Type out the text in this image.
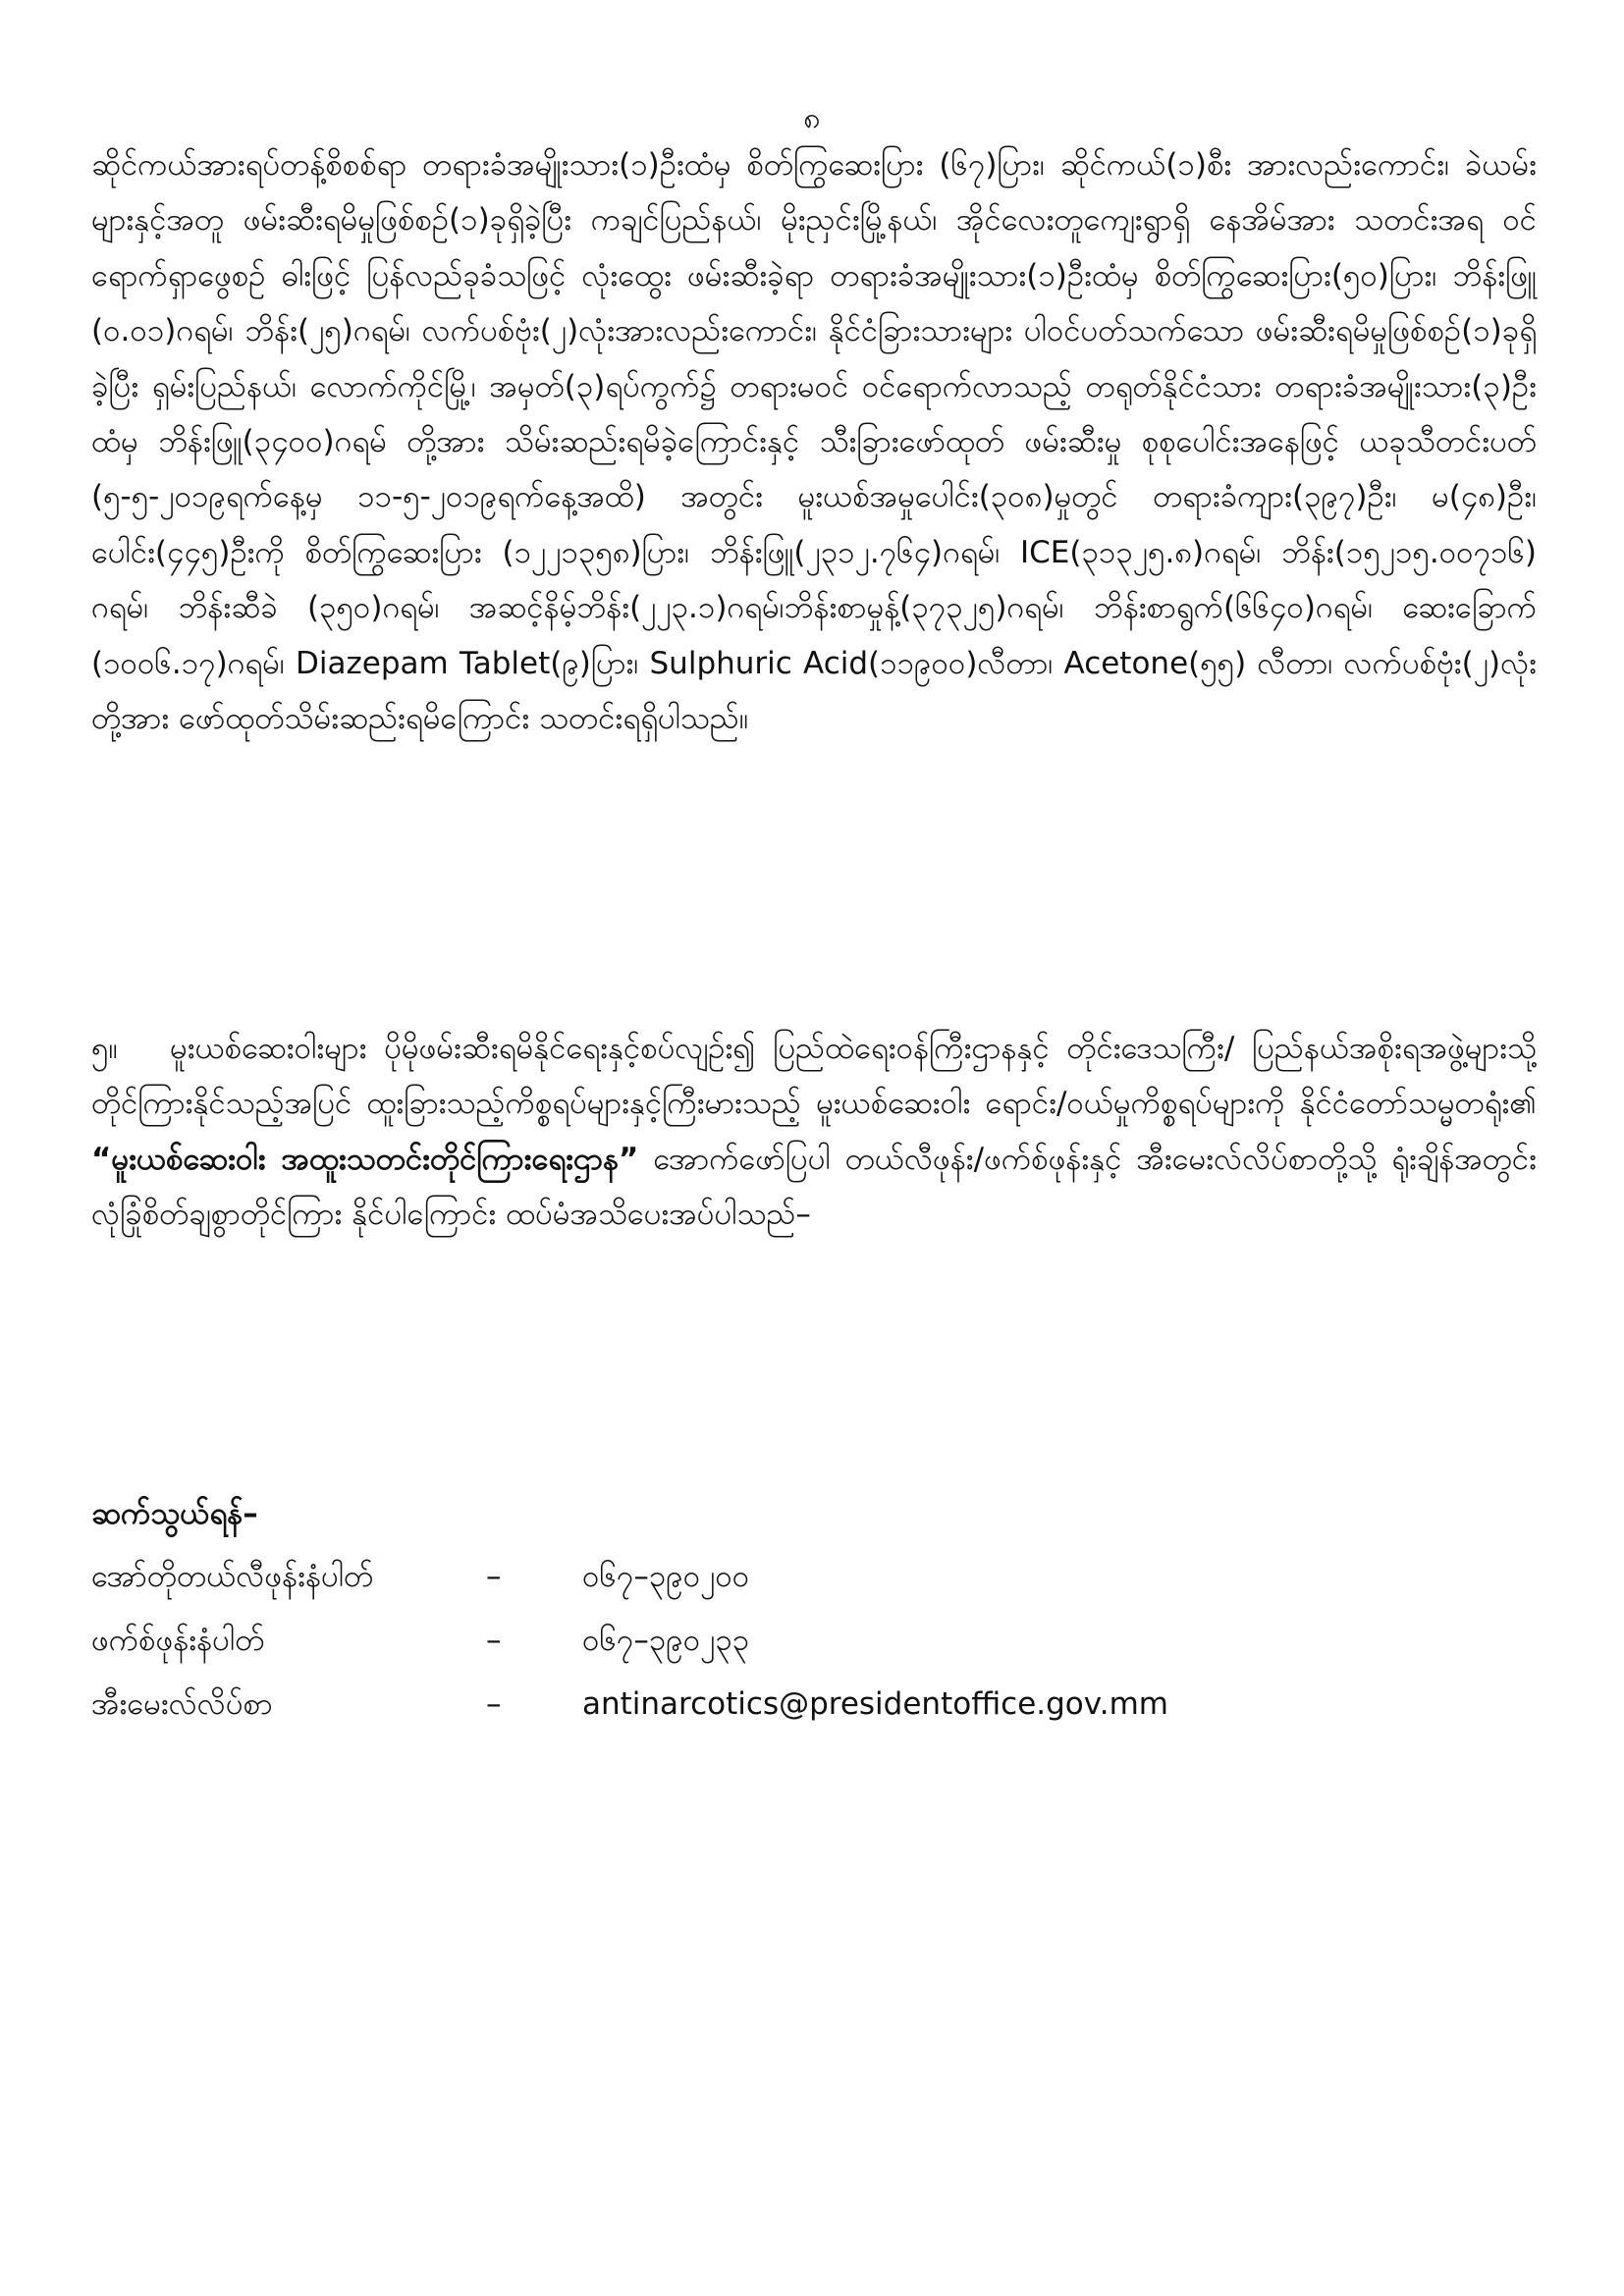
၈
ဆိုင်ကယ်အားရပ်တန့်စိစစ်ရာ တရားခံအမျိုးသား(၁)ဦးထံမှ စိတ်ကြွဆေးပြား (၆၇)ပြား၊ ဆိုင်ကယ်(၁)စီး အားလည်းကောင်း၊ ခဲယမ်းများနှင့်အတူ ဖမ်းဆီးရမိမှုဖြစ်စဉ်(၁)ခုရှိခဲ့ပြီး ကချင်ပြည်နယ်၊ မိုးညှင်းမြို့နယ်၊ အိုင်လေးတူကျေးရွာရှိ နေအိမ်အား သတင်းအရ ဝင်ရောက်ရှာဖွေစဉ် ဓါးဖြင့် ပြန်လည်ခုခံသဖြင့် လုံးထွေး ဖမ်းဆီးခဲ့ရာ တရားခံအမျိုးသား(၁)ဦးထံမှ စိတ်ကြွဆေးပြား(၅၀)ပြား၊ ဘိန်းဖြူ (၀.၀၁)ဂရမ်၊ ဘိန်း(၂၅)ဂရမ်၊ လက်ပစ်ဗုံး(၂)လုံးအားလည်းကောင်း၊ နိုင်ငံခြားသားများ ပါဝင်ပတ်သက်သော ဖမ်းဆီးရမိမှုဖြစ်စဉ်(၁)ခုရှိခဲ့ပြီး ရှမ်းပြည်နယ်၊ လောက်ကိုင်မြို့၊ အမှတ်(၃)ရပ်ကွက်၌ တရားမဝင် ဝင်ရောက်လာသည့် တရုတ်နိုင်ငံသား တရားခံအမျိုးသား(၃)ဦးထံမှ ဘိန်းဖြူ(၃၄၀၀)ဂရမ် တို့အား သိမ်းဆည်းရမိခဲ့ကြောင်းနှင့် သီးခြားဖော်ထုတ် ဖမ်းဆီးမှု စုစုပေါင်းအနေဖြင့် ယခုသီတင်းပတ် (၅-၅-၂၀၁၉ရက်နေ့မှ ၁၁-၅-၂၀၁၉ရက်နေ့အထိ) အတွင်း မူးယစ်အမှုပေါင်း(၃၀၈)မှုတွင် တရားခံကျား(၃၉၇)ဦး၊ မ(၄၈)ဦး၊ ပေါင်း(၄၄၅)ဦးကို စိတ်ကြွဆေးပြား (၁၂၂၁၃၅၈)ပြား၊ ဘိန်းဖြူ(၂၃၁၂.၇၆၄)ဂရမ်၊ ICE(၃၁၃၂၅.၈)ဂရမ်၊ ဘိန်း(၁၅၂၁၅.၀၀၇၁၆) ဂရမ်၊ ဘိန်းဆီခဲ (၃၅၀)ဂရမ်၊ အဆင့်နိမ့်ဘိန်း(၂၂၃.၁)ဂရမ်၊ဘိန်းစာမှုန့်(၃၇၃၂၅)ဂရမ်၊ ဘိန်းစာရွက်(၆၆၄၀)ဂရမ်၊ ဆေးခြောက် (၁၀၀၆.၁၇)ဂရမ်၊ Diazepam Tablet(၉)ပြား၊ Sulphuric Acid(၁၁၉၀၀)လီတာ၊ Acetone(၅၅) လီတာ၊ လက်ပစ်ဗုံး(၂)လုံးတို့အား ဖော်ထုတ်သိမ်းဆည်းရမိကြောင်း သတင်းရရှိပါသည်။
၅။ မူးယစ်ဆေးဝါးများ ပိုမိုဖမ်းဆီးရမိနိုင်ရေးနှင့်စပ်လျဉ်း၍ ပြည်ထဲရေးဝန်ကြီးဌာနနှင့် တိုင်းဒေသကြီး/ ပြည်နယ်အစိုးရအဖွဲ့များသို့ တိုင်ကြားနိုင်သည့်အပြင် ထူးခြားသည့်ကိစ္စရပ်များနှင့်ကြီးမားသည့် မူးယစ်ဆေးဝါး ရောင်း/ဝယ်မှုကိစ္စရပ်များကို နိုင်ငံတော်သမ္မတရုံး၏ “မူးယစ်ဆေးဝါး အထူးသတင်းတိုင်ကြားရေးဌာန” အောက်ဖော်ပြပါ တယ်လီဖုန်း/ဖက်စ်ဖုန်းနှင့် အီးမေးလ်လိပ်စာတို့သို့ ရုံးချိန်အတွင်း လုံခြုံစိတ်ချစွာတိုင်ကြား နိုင်ပါကြောင်း ထပ်မံအသိပေးအပ်ပါသည်–
ဆက်သွယ်ရန်–
အော်တိုတယ်လီဖုန်းနံပါတ်	–	၀၆၇–၃၉၀၂၀၀
ဖက်စ်ဖုန်းနံပါတ်	–	၀၆၇–၃၉၀၂၃၃
အီးမေးလ်လိပ်စာ	–	antinarcotics@presidentoffice.gov.mm
